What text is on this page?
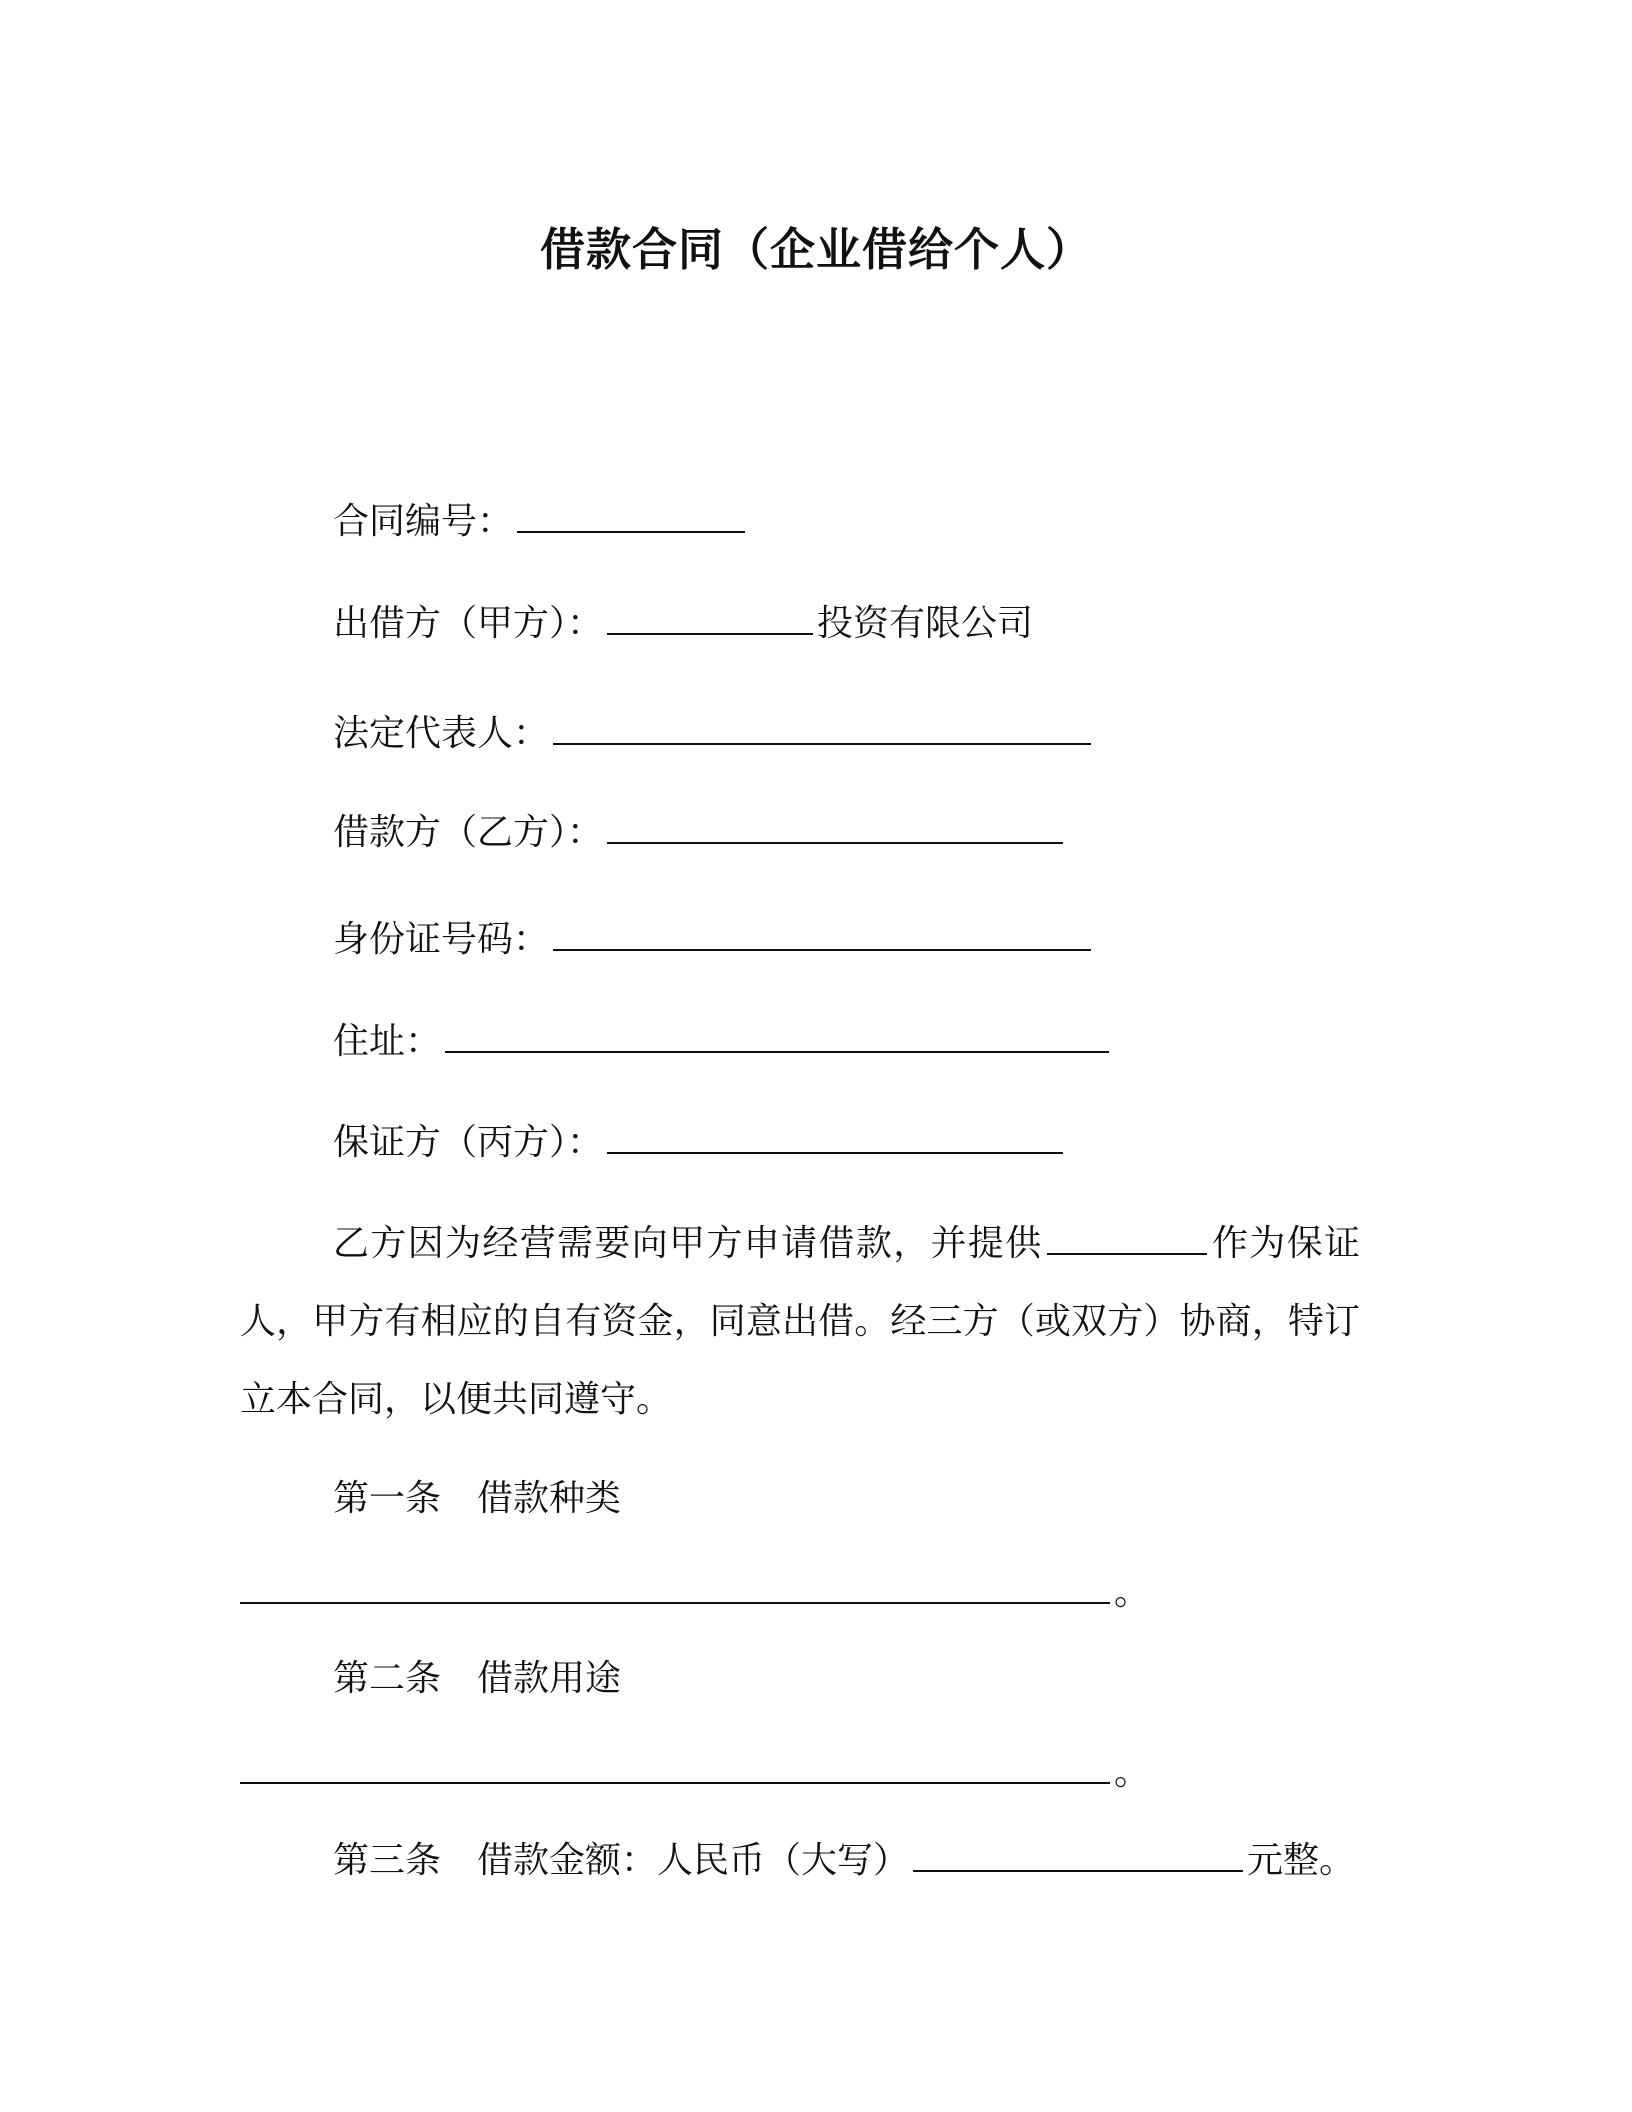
借款合同（企业借给个人）
合同编号：
出借方（甲方）：	投资有限公司
法定代表人：
借款方（乙方）：
身份证号码：
住址：
保证方（丙方）：
乙方因为经营需要向甲方申请借款，并提供	作为保证人，甲方有相应的自有资金，同意出借。经三方（或双方）协商，特订立本合同，以便共同遵守。
第一条　借款种类
。
第二条　借款用途
。
第三条　借款金额：人民币（大写）	元整。
